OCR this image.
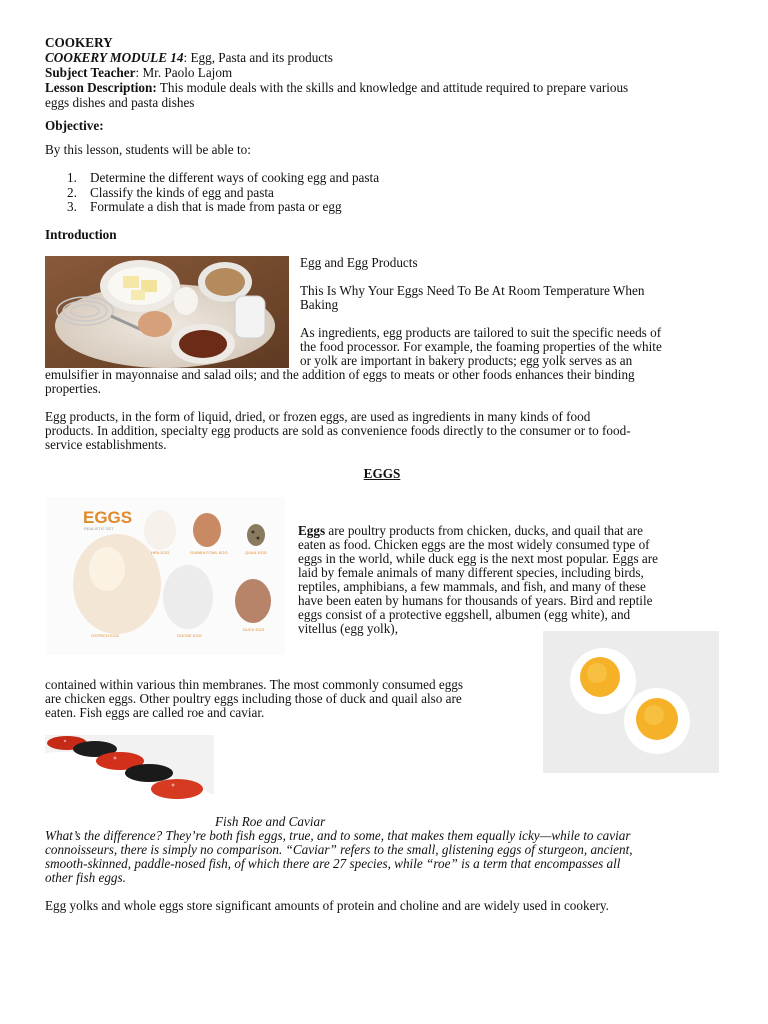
COOKERY
COOKERY MODULE 14: Egg, Pasta and its products
Subject Teacher: Mr. Paolo Lajom
Lesson Description: This module deals with the skills and knowledge and attitude required to prepare various
eggs dishes and pasta dishes
Objective:
By this lesson, students will be able to:
1. Determine the different ways of cooking egg and pasta
2. Classify the kinds of egg and pasta
3. Formulate a dish that is made from pasta or egg
Introduction
Egg and Egg Products
This Is Why Your Eggs Need To Be At Room Temperature When
Baking
As ingredients, egg products are tailored to suit the specific needs of
the food processor. For example, the foaming properties of the white
or yolk are important in bakery products; egg yolk serves as an
emulsifier in mayonnaise and salad oils; and the addition of eggs to meats or other foods enhances their binding
properties.
Egg products, in the form of liquid, dried, or frozen eggs, are used as ingredients in many kinds of food
products. In addition, specialty egg products are sold as convenience foods directly to the consumer or to food-
service establishments.
EGGS
EGGS
REALISTIC SET
OSTRICH EGG
HEN EGG	GUINEA FOWL EGG	QUAIL EGG
GOOSE EGG
DUCK EGG
Eggs are poultry products from chicken, ducks, and quail that are
eaten as food. Chicken eggs are the most widely consumed type of
eggs in the world, while duck egg is the next most popular. Eggs are
laid by female animals of many different species, including birds,
reptiles, amphibians, a few mammals, and fish, and many of these
have been eaten by humans for thousands of years. Bird and reptile
eggs consist of a protective eggshell, albumen (egg white), and
vitellus (egg yolk),
contained within various thin membranes. The most commonly consumed eggs
are chicken eggs. Other poultry eggs including those of duck and quail also are
eaten. Fish eggs are called roe and caviar.
Fish Roe and Caviar
What’s the difference? They’re both fish eggs, true, and to some, that makes them equally icky—while to caviar
connoisseurs, there is simply no comparison. “Caviar” refers to the small, glistening eggs of sturgeon, ancient,
smooth-skinned, paddle-nosed fish, of which there are 27 species, while “roe” is a term that encompasses all
other fish eggs.
Egg yolks and whole eggs store significant amounts of protein and choline and are widely used in cookery.
